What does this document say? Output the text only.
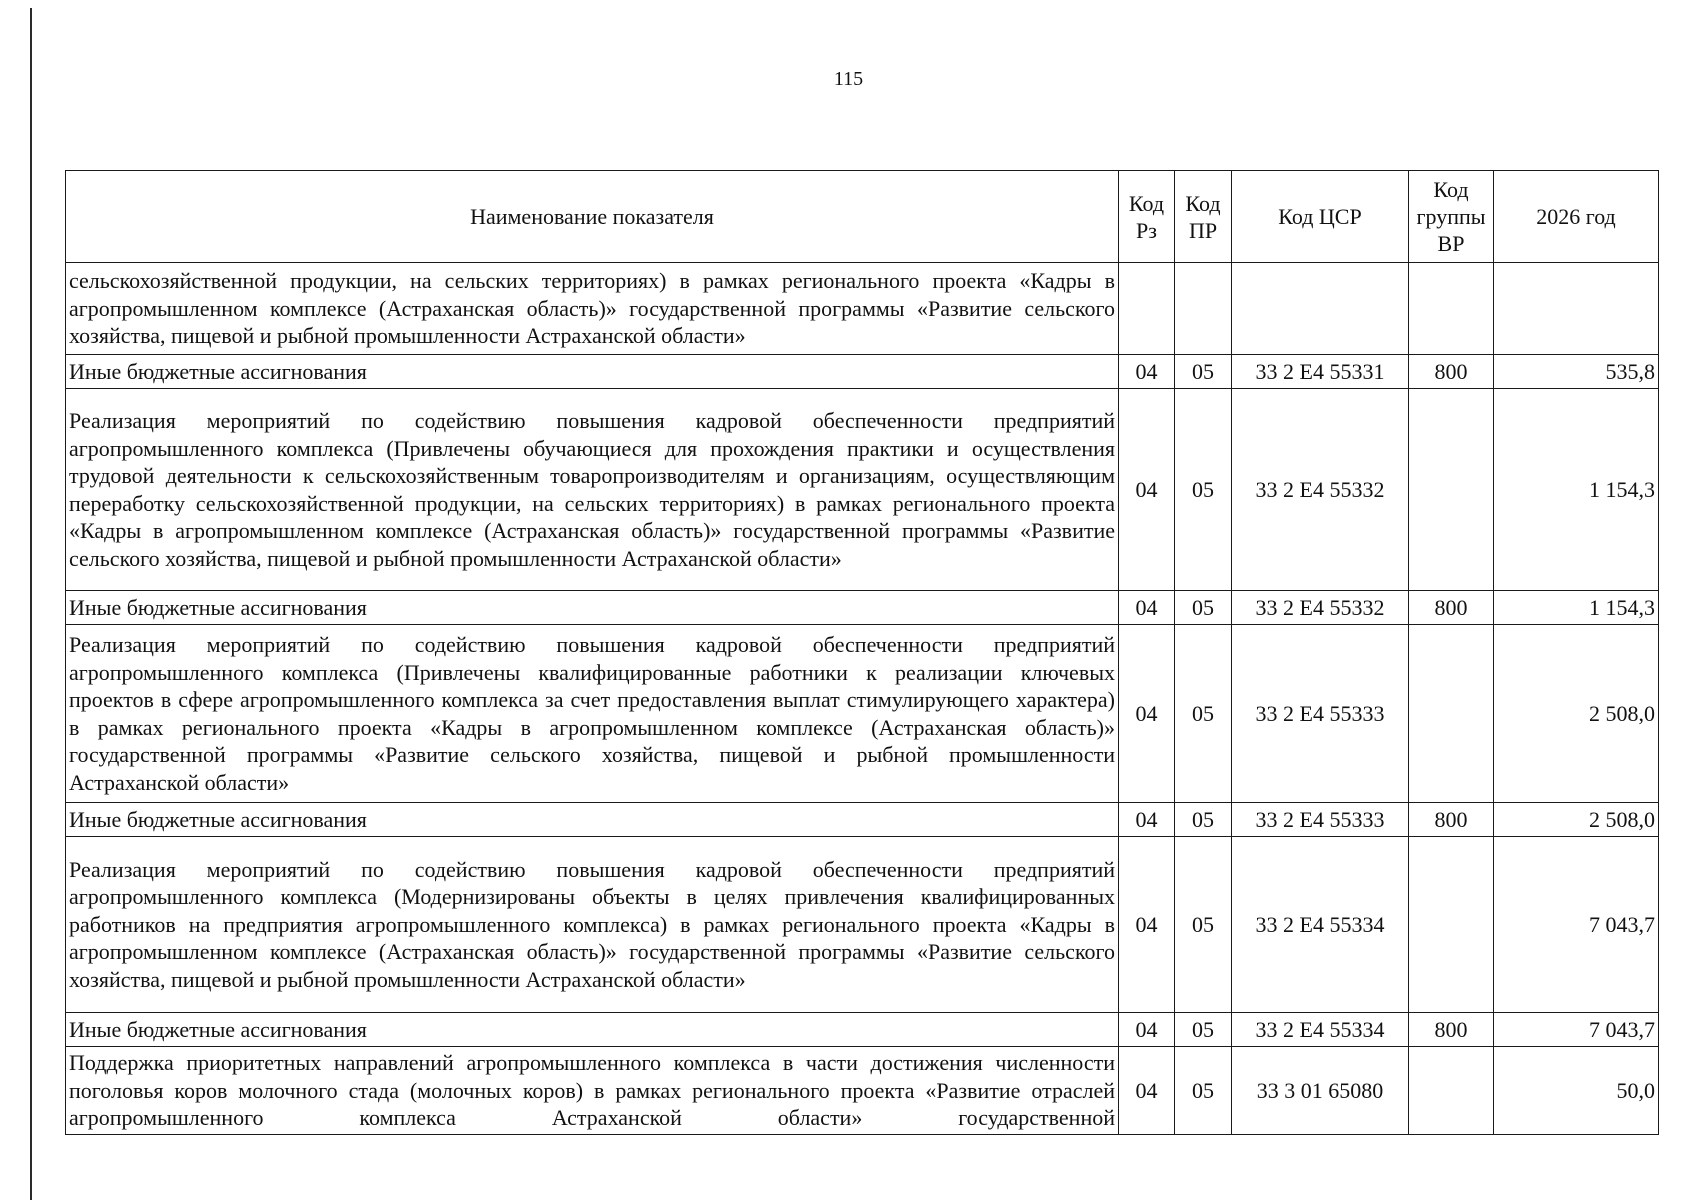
115
Наименование показателя	Код Рз	Код ПР	Код ЦСР	Код группы ВР	2026 год
сельскохозяйственной продукции, на сельских территориях) в рамках регионального проекта «Кадры в агропромышленном комплексе (Астраханская область)» государственной программы «Развитие сельского хозяйства, пищевой и рыбной промышленности Астраханской области»					
Иные бюджетные ассигнования	04	05	33 2 Е4 55331	800	535,8
Реализация мероприятий по содействию повышения кадровой обеспеченности предприятий агропромышленного комплекса (Привлечены обучающиеся для прохождения практики и осуществления трудовой деятельности к сельскохозяйственным товаропроизводителям и организациям, осуществляющим переработку сельскохозяйственной продукции, на сельских территориях) в рамках регионального проекта «Кадры в агропромышленном комплексе (Астраханская область)» государственной программы «Развитие сельского хозяйства, пищевой и рыбной промышленности Астраханской области»	04	05	33 2 Е4 55332		1 154,3
Иные бюджетные ассигнования	04	05	33 2 Е4 55332	800	1 154,3
Реализация мероприятий по содействию повышения кадровой обеспеченности предприятий агропромышленного комплекса (Привлечены квалифицированные работники к реализации ключевых проектов в сфере агропромышленного комплекса за счет предоставления выплат стимулирующего характера) в рамках регионального проекта «Кадры в агропромышленном комплексе (Астраханская область)» государственной программы «Развитие сельского хозяйства, пищевой и рыбной промышленности Астраханской области»	04	05	33 2 Е4 55333		2 508,0
Иные бюджетные ассигнования	04	05	33 2 Е4 55333	800	2 508,0
Реализация мероприятий по содействию повышения кадровой обеспеченности предприятий агропромышленного комплекса (Модернизированы объекты в целях привлечения квалифицированных работников на предприятия агропромышленного комплекса) в рамках регионального проекта «Кадры в агропромышленном комплексе (Астраханская область)» государственной программы «Развитие сельского хозяйства, пищевой и рыбной промышленности Астраханской области»	04	05	33 2 Е4 55334		7 043,7
Иные бюджетные ассигнования	04	05	33 2 Е4 55334	800	7 043,7
Поддержка приоритетных направлений агропромышленного комплекса в части достижения численности поголовья коров молочного стада (молочных коров) в рамках регионального проекта «Развитие отраслей агропромышленного комплекса Астраханской области» государственной	04	05	33 3 01 65080		50,0
